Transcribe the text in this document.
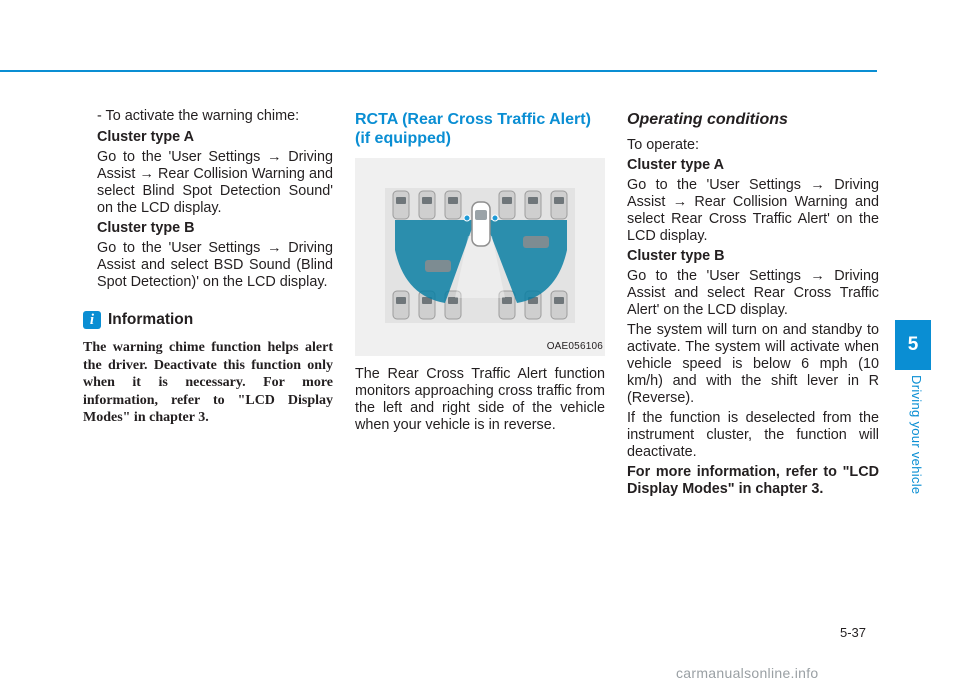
- To activate the warning chime:

Cluster type A

Go to the 'User Settings → Driving Assist → Rear Collision Warning and select Blind Spot Detection Sound' on the LCD display.

Cluster type B

Go to the 'User Settings → Driving Assist and select BSD Sound (Blind Spot Detection)' on the LCD display.

i Information

The warning chime function helps alert the driver. Deactivate this function only when it is necessary. For more information, refer to "LCD Display Modes" in chapter 3.

RCTA (Rear Cross Traffic Alert)
(if equipped)
OAE056106

The Rear Cross Traffic Alert function monitors approaching cross traffic from the left and right side of the vehicle when your vehicle is in reverse.

Operating conditions

To operate:

Cluster type A

Go to the 'User Settings → Driving Assist → Rear Collision Warning and select Rear Cross Traffic Alert' on the LCD display.

Cluster type B

Go to the 'User Settings → Driving Assist and select Rear Cross Traffic Alert' on the LCD display.

The system will turn on and standby to activate. The system will activate when vehicle speed is below 6 mph (10 km/h) and with the shift lever in R (Reverse).

If the function is deselected from the instrument cluster, the function will deactivate.

For more information, refer to "LCD Display Modes" in chapter 3.

5
Driving your vehicle
5-37
carmanualsonline.info
